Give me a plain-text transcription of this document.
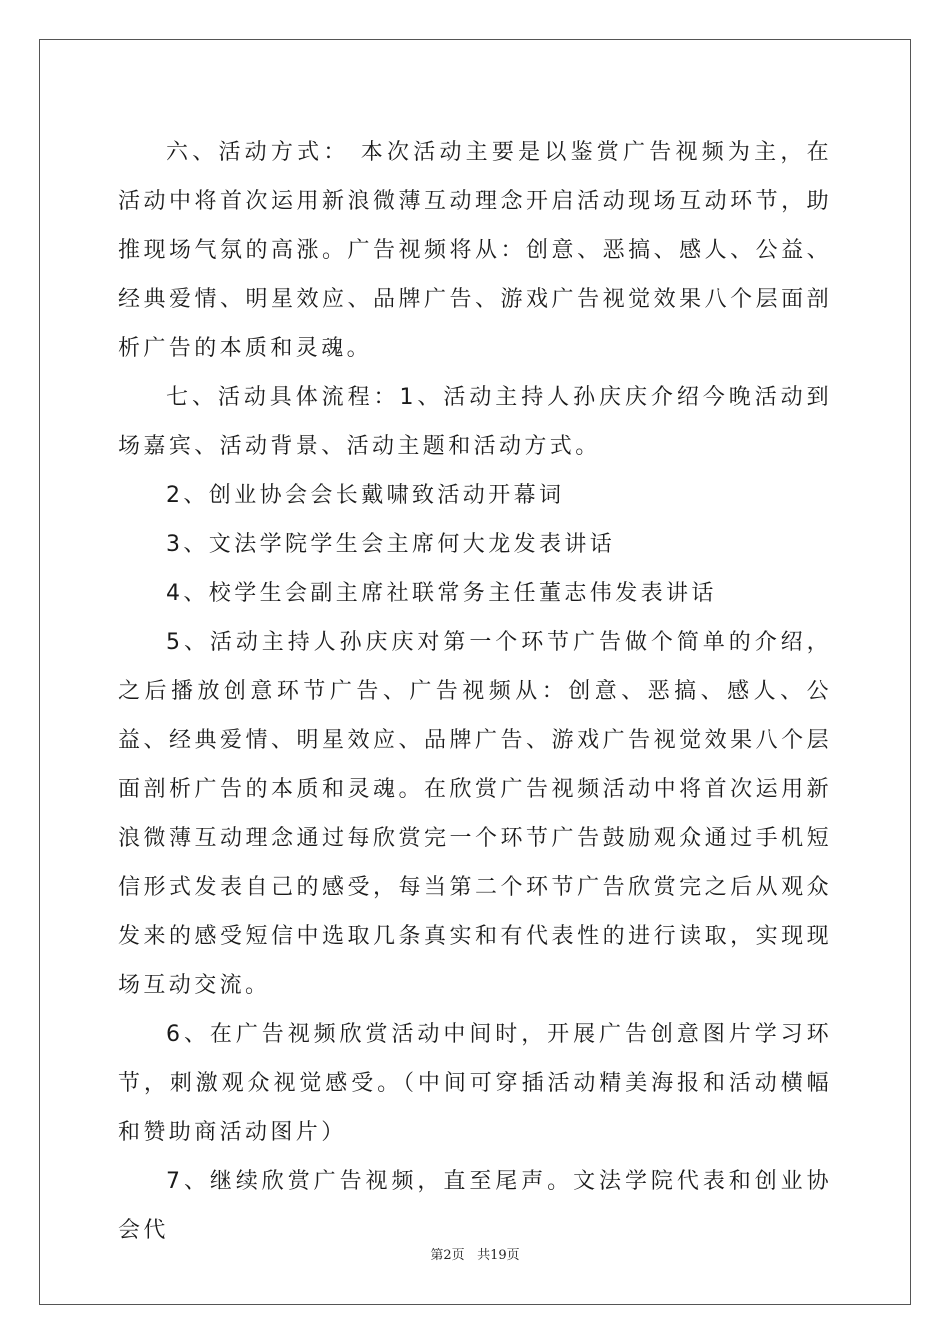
六、活动方式： 本次活动主要是以鉴赏广告视频为主，在活动中将首次运用新浪微薄互动理念开启活动现场互动环节，助推现场气氛的高涨。广告视频将从：创意、恶搞、感人、公益、经典爱情、明星效应、品牌广告、游戏广告视觉效果八个层面剖析广告的本质和灵魂。

七、活动具体流程：1、活动主持人孙庆庆介绍今晚活动到场嘉宾、活动背景、活动主题和活动方式。

2、创业协会会长戴啸致活动开幕词

3、文法学院学生会主席何大龙发表讲话

4、校学生会副主席社联常务主任董志伟发表讲话

5、活动主持人孙庆庆对第一个环节广告做个简单的介绍，之后播放创意环节广告、广告视频从：创意、恶搞、感人、公益、经典爱情、明星效应、品牌广告、游戏广告视觉效果八个层面剖析广告的本质和灵魂。在欣赏广告视频活动中将首次运用新浪微薄互动理念通过每欣赏完一个环节广告鼓励观众通过手机短信形式发表自己的感受，每当第二个环节广告欣赏完之后从观众发来的感受短信中选取几条真实和有代表性的进行读取，实现现场互动交流。

6、在广告视频欣赏活动中间时，开展广告创意图片学习环节，刺激观众视觉感受。（中间可穿插活动精美海报和活动横幅和赞助商活动图片）

7、继续欣赏广告视频，直至尾声。文法学院代表和创业协会代

第2页 共19页
